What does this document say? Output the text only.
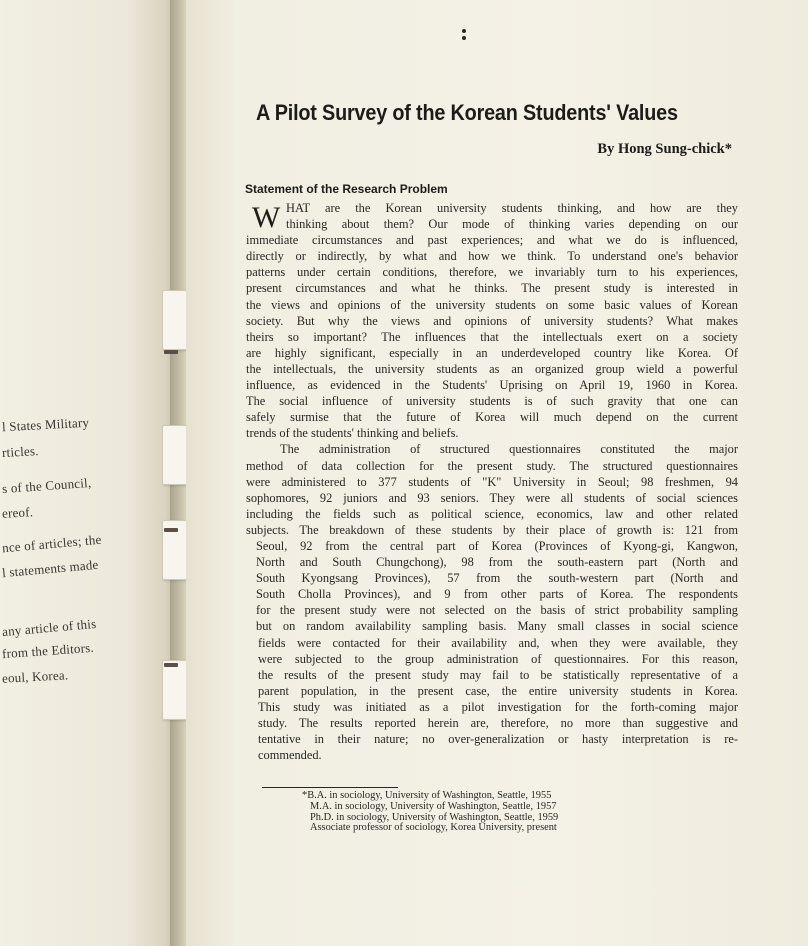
l States Military
rticles.
s of the Council,
ereof.
nce of articles; the
l statements made
any article of this
from the Editors.
eoul, Korea.
A Pilot Survey of the Korean Students' Values
By Hong Sung-chick*
Statement of the Research Problem
W HAT are the Korean university students thinking, and how are they
thinking about them? Our mode of thinking varies depending on our
immediate circumstances and past experiences; and what we do is influenced,
directly or indirectly, by what and how we think. To understand one's behavior
patterns under certain conditions, therefore, we invariably turn to his experiences,
present circumstances and what he thinks. The present study is interested in
the views and opinions of the university students on some basic values of Korean
society. But why the views and opinions of university students? What makes
theirs so important? The influences that the intellectuals exert on a society
are highly significant, especially in an underdeveloped country like Korea. Of
the intellectuals, the university students as an organized group wield a powerful
influence, as evidenced in the Students' Uprising on April 19, 1960 in Korea.
The social influence of university students is of such gravity that one can
safely surmise that the future of Korea will much depend on the current
trends of the students' thinking and beliefs.
The administration of structured questionnaires constituted the major
method of data collection for the present study. The structured questionnaires
were administered to 377 students of "K" University in Seoul; 98 freshmen, 94
sophomores, 92 juniors and 93 seniors. They were all students of social sciences
including the fields such as political science, economics, law and other related
subjects. The breakdown of these students by their place of growth is: 121 from
Seoul, 92 from the central part of Korea (Provinces of Kyong-gi, Kangwon,
North and South Chungchong), 98 from the south-eastern part (North and
South Kyongsang Provinces), 57 from the south-western part (North and
South Cholla Provinces), and 9 from other parts of Korea. The respondents
for the present study were not selected on the basis of strict probability sampling
but on random availability sampling basis. Many small classes in social science
fields were contacted for their availability and, when they were available, they
were subjected to the group administration of questionnaires. For this reason,
the results of the present study may fail to be statistically representative of a
parent population, in the present case, the entire university students in Korea.
This study was initiated as a pilot investigation for the forth-coming major
study. The results reported herein are, therefore, no more than suggestive and
tentative in their nature; no over-generalization or hasty interpretation is re-
commended.
*B.A. in sociology, University of Washington, Seattle, 1955
M.A. in sociology, University of Washington, Seattle, 1957
Ph.D. in sociology, University of Washington, Seattle, 1959
Associate professor of sociology, Korea University, present
